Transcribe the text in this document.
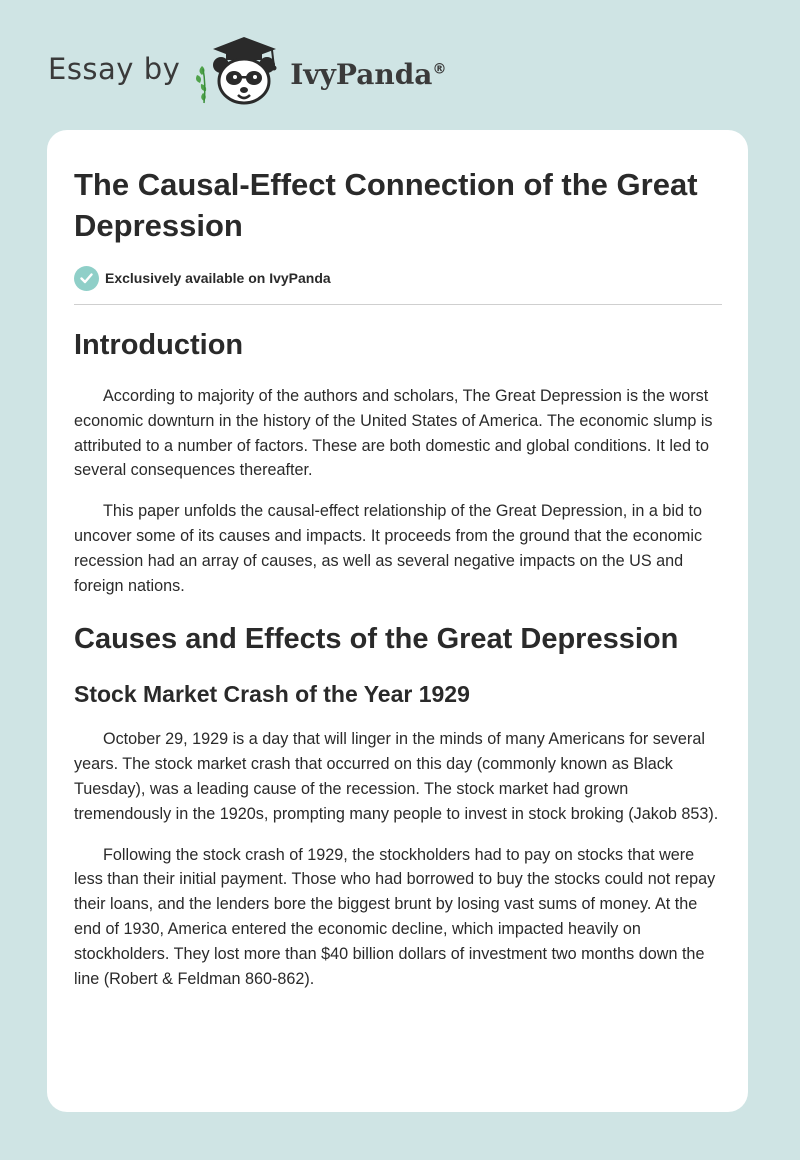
Essay by	IvyPanda®
The Causal-Effect Connection of the Great Depression
Exclusively available on IvyPanda
Introduction

According to majority of the authors and scholars, The Great Depression is the worst economic downturn in the history of the United States of America. The economic slump is attributed to a number of factors. These are both domestic and global conditions. It led to several consequences thereafter.

This paper unfolds the causal-effect relationship of the Great Depression, in a bid to uncover some of its causes and impacts. It proceeds from the ground that the economic recession had an array of causes, as well as several negative impacts on the US and foreign nations.

Causes and Effects of the Great Depression
Stock Market Crash of the Year 1929

October 29, 1929 is a day that will linger in the minds of many Americans for several years. The stock market crash that occurred on this day (commonly known as Black Tuesday), was a leading cause of the recession. The stock market had grown tremendously in the 1920s, prompting many people to invest in stock broking (Jakob 853).

Following the stock crash of 1929, the stockholders had to pay on stocks that were less than their initial payment. Those who had borrowed to buy the stocks could not repay their loans, and the lenders bore the biggest brunt by losing vast sums of money. At the end of 1930, America entered the economic decline, which impacted heavily on stockholders. They lost more than $40 billion dollars of investment two months down the line (Robert & Feldman 860-862).
